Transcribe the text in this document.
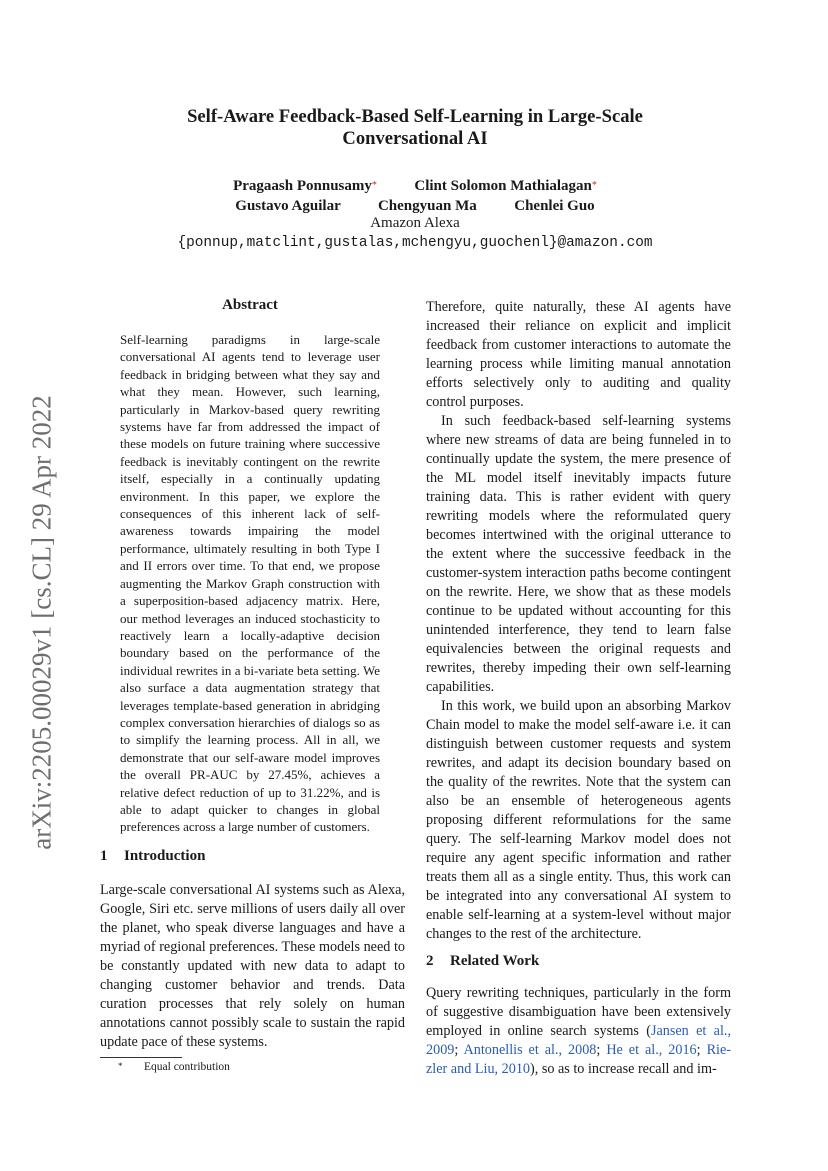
arXiv:2205.00029v1 [cs.CL] 29 Apr 2022
Self-Aware Feedback-Based Self-Learning in Large-Scale
Conversational AI
Pragaash Ponnusamy*	Clint Solomon Mathialagan*
Gustavo Aguilar	Chengyuan Ma	Chenlei Guo
Amazon Alexa
{ponnup,matclint,gustalas,mchengyu,guochenl}@amazon.com
Abstract

Self-learning paradigms in large-scale conversational AI agents tend to leverage user feedback in bridging between what they say and what they mean. However, such learning, particularly in Markov-based query rewriting systems have far from addressed the impact of these models on future training where successive feedback is inevitably contingent on the rewrite itself, especially in a continually updating environment. In this paper, we explore the consequences of this inherent lack of self-awareness towards impairing the model performance, ultimately resulting in both Type I and II errors over time. To that end, we propose augmenting the Markov Graph construction with a superposition-based adjacency matrix. Here, our method leverages an induced stochasticity to reactively learn a locally-adaptive decision boundary based on the performance of the individual rewrites in a bi-variate beta setting. We also surface a data augmentation strategy that leverages template-based generation in abridging complex conversation hierarchies of dialogs so as to simplify the learning process. All in all, we demonstrate that our self-aware model improves the overall PR-AUC by 27.45%, achieves a relative defect reduction of up to 31.22%, and is able to adapt quicker to changes in global preferences across a large number of customers.

1 Introduction

Large-scale conversational AI systems such as Alexa, Google, Siri etc. serve millions of users daily all over the planet, who speak diverse languages and have a myriad of regional preferences. These models need to be constantly updated with new data to adapt to changing customer behavior and trends. Data curation processes that rely solely on human annotations cannot possibly scale to sustain the rapid update pace of these systems.

Therefore, quite naturally, these AI agents have increased their reliance on explicit and implicit feedback from customer interactions to automate the learning process while limiting manual annotation efforts selectively only to auditing and quality control purposes.

In such feedback-based self-learning systems where new streams of data are being funneled in to continually update the system, the mere presence of the ML model itself inevitably impacts future training data. This is rather evident with query rewriting models where the reformulated query becomes intertwined with the original utterance to the extent where the successive feedback in the customer-system interaction paths become contingent on the rewrite. Here, we show that as these models continue to be updated without accounting for this unintended interference, they tend to learn false equivalencies between the original requests and rewrites, thereby impeding their own self-learning capabilities.

In this work, we build upon an absorbing Markov Chain model to make the model self-aware i.e. it can distinguish between customer requests and system rewrites, and adapt its decision boundary based on the quality of the rewrites. Note that the system can also be an ensemble of heterogeneous agents proposing different reformulations for the same query. The self-learning Markov model does not require any agent specific information and rather treats them all as a single entity. Thus, this work can be integrated into any conversational AI system to enable self-learning at a system-level without major changes to the rest of the architecture.

2 Related Work
Query rewriting techniques, particularly in the form
of suggestive disambiguation have been extensively
employed in online search systems (Jansen et al.,
2009; Antonellis et al., 2008; He et al., 2016; Rie-
zler and Liu, 2010), so as to increase recall and im-
* Equal contribution
